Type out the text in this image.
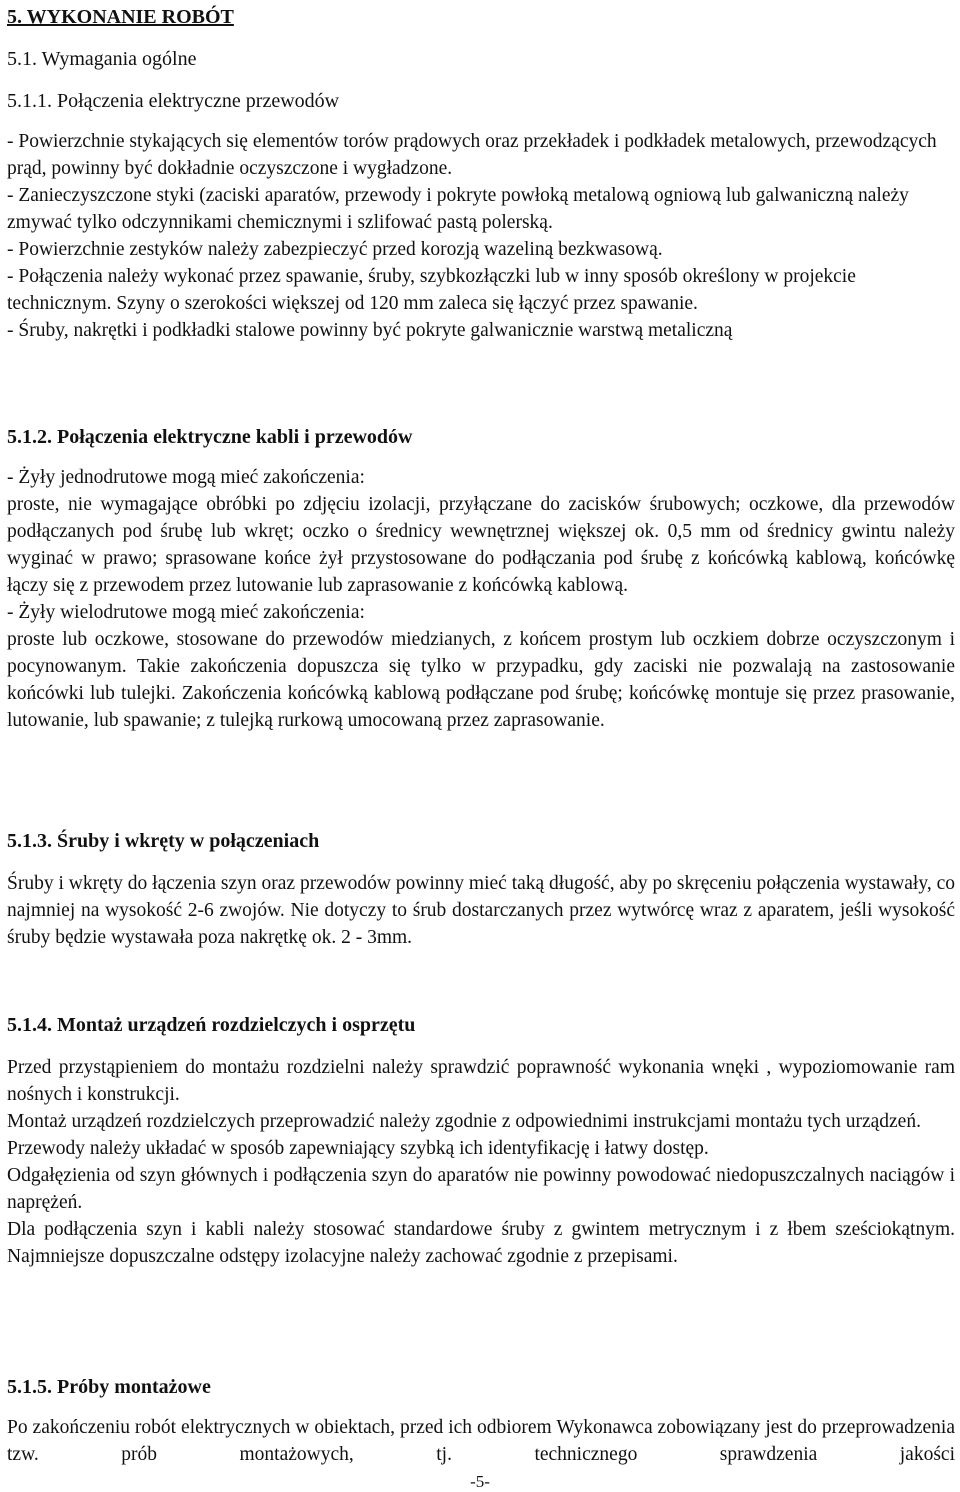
5. WYKONANIE ROBÓT
5.1. Wymagania ogólne
5.1.1. Połączenia elektryczne przewodów

- Powierzchnie stykających się elementów torów prądowych oraz przekładek i podkładek metalowych, przewodzących prąd, powinny być dokładnie oczyszczone i wygładzone.

- Zanieczyszczone styki (zaciski aparatów, przewody i pokryte powłoką metalową ogniową lub galwaniczną należy zmywać tylko odczynnikami chemicznymi i szlifować pastą polerską.

- Powierzchnie zestyków należy zabezpieczyć przed korozją wazeliną bezkwasową.

- Połączenia należy wykonać przez spawanie, śruby, szybkozłączki lub w inny sposób określony w projekcie technicznym. Szyny o szerokości większej od 120 mm zaleca się łączyć przez spawanie.

- Śruby, nakrętki i podkładki stalowe powinny być pokryte galwanicznie warstwą metaliczną

5.1.2. Połączenia elektryczne kabli i przewodów

- Żyły jednodrutowe mogą mieć zakończenia:

proste, nie wymagające obróbki po zdjęciu izolacji, przyłączane do zacisków śrubowych; oczkowe, dla przewodów podłączanych pod śrubę lub wkręt; oczko o średnicy wewnętrznej większej ok. 0,5 mm od średnicy gwintu należy wyginać w prawo; sprasowane końce żył przystosowane do podłączania pod śrubę z końcówką kablową, końcówkę łączy się z przewodem przez lutowanie lub zaprasowanie z końcówką kablową.

- Żyły wielodrutowe mogą mieć zakończenia:

proste lub oczkowe, stosowane do przewodów miedzianych, z końcem prostym lub oczkiem dobrze oczyszczonym i pocynowanym. Takie zakończenia dopuszcza się tylko w przypadku, gdy zaciski nie pozwalają na zastosowanie końcówki lub tulejki. Zakończenia końcówką kablową podłączane pod śrubę; końcówkę montuje się przez prasowanie, lutowanie, lub spawanie; z tulejką rurkową umocowaną przez zaprasowanie.

5.1.3. Śruby i wkręty w połączeniach

Śruby i wkręty do łączenia szyn oraz przewodów powinny mieć taką długość, aby po skręceniu połączenia wystawały, co najmniej na wysokość 2-6 zwojów. Nie dotyczy to śrub dostarczanych przez wytwórcę wraz z aparatem, jeśli wysokość śruby będzie wystawała poza nakrętkę ok. 2 - 3mm.

5.1.4. Montaż urządzeń rozdzielczych i osprzętu

Przed przystąpieniem do montażu rozdzielni należy sprawdzić poprawność wykonania wnęki , wypoziomowanie ram nośnych i konstrukcji.

Montaż urządzeń rozdzielczych przeprowadzić należy zgodnie z odpowiednimi instrukcjami montażu tych urządzeń.

Przewody należy układać w sposób zapewniający szybką ich identyfikację i łatwy dostęp.

Odgałęzienia od szyn głównych i podłączenia szyn do aparatów nie powinny powodować niedopuszczalnych naciągów i naprężeń.

Dla podłączenia szyn i kabli należy stosować standardowe śruby z gwintem metrycznym i z łbem sześciokątnym. Najmniejsze dopuszczalne odstępy izolacyjne należy zachować zgodnie z przepisami.

5.1.5. Próby montażowe

Po zakończeniu robót elektrycznych w obiektach, przed ich odbiorem Wykonawca zobowiązany jest do przeprowadzenia tzw. prób montażowych, tj. technicznego sprawdzenia jakości

-5-
